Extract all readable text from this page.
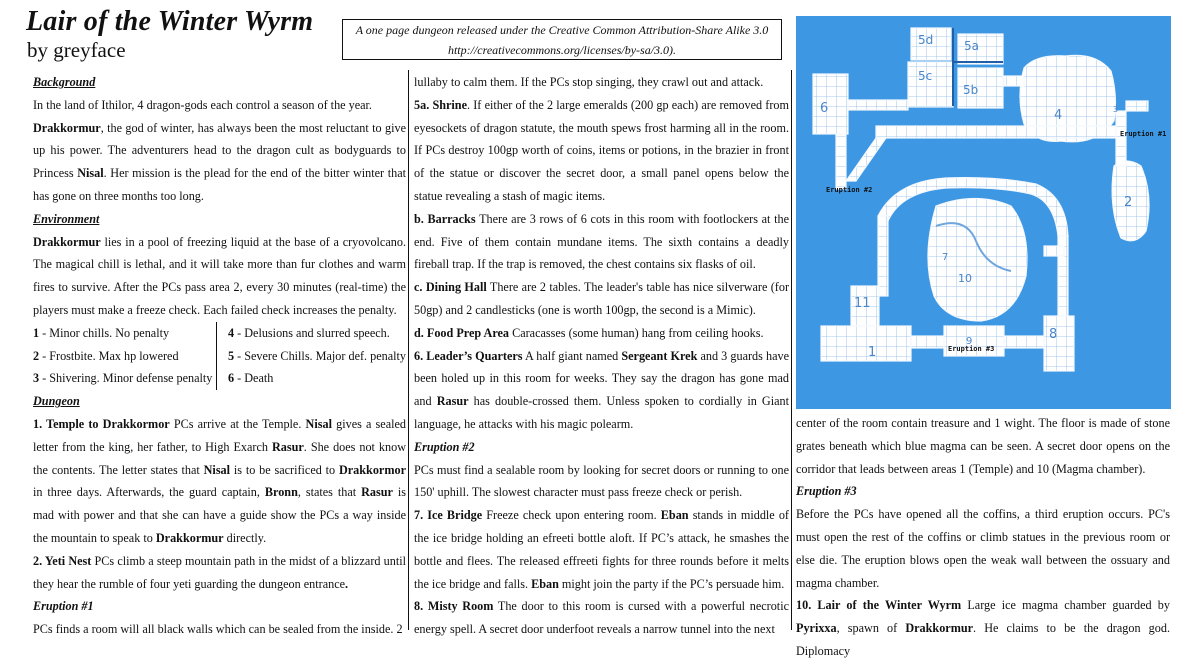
Lair of the Winter Wyrm
by greyface
A one page dungeon released under the Creative Common Attribution-Share Alike 3.0
http://creativecommons.org/licenses/by-sa/3.0).

Background

In the land of Ithilor, 4 dragon-gods each control a season of the year.
Drakkormur, the god of winter, has always been the most reluctant to give up his power. The adventurers head to the dragon cult as bodyguards to Princess Nisal. Her mission is the plead for the end of the bitter winter that has gone on three months too long.

Environment

Drakkormur lies in a pool of freezing liquid at the base of a cryovolcano. The magical chill is lethal, and it will take more than fur clothes and warm fires to survive. After the PCs pass area 2, every 30 minutes (real-time) the players must make a freeze check. Each failed check increases the penalty.

1 - Minor chills. No penalty	4 - Delusions and slurred speech.
2 - Frostbite. Max hp lowered	5 - Severe Chills. Major def. penalty
3 - Shivering. Minor defense penalty	6 - Death

Dungeon

1. Temple to Drakkormor PCs arrive at the Temple. Nisal gives a sealed letter from the king, her father, to High Exarch Rasur. She does not know the contents. The letter states that Nisal is to be sacrificed to Drakkormor in three days. Afterwards, the guard captain, Bronn, states that Rasur is mad with power and that she can have a guide show the PCs a way inside the mountain to speak to Drakkormur directly.

2. Yeti Nest PCs climb a steep mountain path in the midst of a blizzard until they hear the rumble of four yeti guarding the dungeon entrance.

Eruption #1

PCs finds a room will all black walls which can be sealed from the inside. 2

lullaby to calm them. If the PCs stop singing, they crawl out and attack.

5a. Shrine. If either of the 2 large emeralds (200 gp each) are removed from eyesockets of dragon statute, the mouth spews frost harming all in the room. If PCs destroy 100gp worth of coins, items or potions, in the brazier in front of the statue or discover the secret door, a small panel opens below the statue revealing a stash of magic items.

b. Barracks There are 3 rows of 6 cots in this room with footlockers at the end. Five of them contain mundane items. The sixth contains a deadly fireball trap. If the trap is removed, the chest contains six flasks of oil.

c. Dining Hall There are 2 tables. The leader's table has nice silverware (for 50gp) and 2 candlesticks (one is worth 100gp, the second is a Mimic).

d. Food Prep Area Caracasses (some human) hang from ceiling hooks.

6. Leader’s Quarters A half giant named Sergeant Krek and 3 guards have been holed up in this room for weeks. They say the dragon has gone mad and Rasur has double-crossed them. Unless spoken to cordially in Giant language, he attacks with his magic polearm.

Eruption #2

PCs must find a sealable room by looking for secret doors or running to one 150' uphill. The slowest character must pass freeze check or perish.

7. Ice Bridge Freeze check upon entering room. Eban stands in middle of the ice bridge holding an efreeti bottle aloft. If PC’s attack, he smashes the bottle and flees. The released effreeti fights for three rounds before it melts the ice bridge and falls. Eban might join the party if the PC’s persuade him.

8. Misty Room The door to this room is cursed with a powerful necrotic energy spell. A secret door underfoot reveals a narrow tunnel into the next

center of the room contain treasure and 1 wight. The floor is made of stone grates beneath which blue magma can be seen. A secret door opens on the corridor that leads between areas 1 (Temple) and 10 (Magma chamber).

Eruption #3

Before the PCs have opened all the coffins, a third eruption occurs. PC's must open the rest of the coffins or climb statues in the previous room or else die. The eruption blows open the weak wall between the ossuary and magma chamber.

10. Lair of the Winter Wyrm Large ice magma chamber guarded by Pyrixxa, spawn of Drakkormur. He claims to be the dragon god. Diplomacy

5d	5a
5c
5b
6	4	3
2
7
10
11
1
8
9
Eruption #1
Eruption #2
Eruption #3
